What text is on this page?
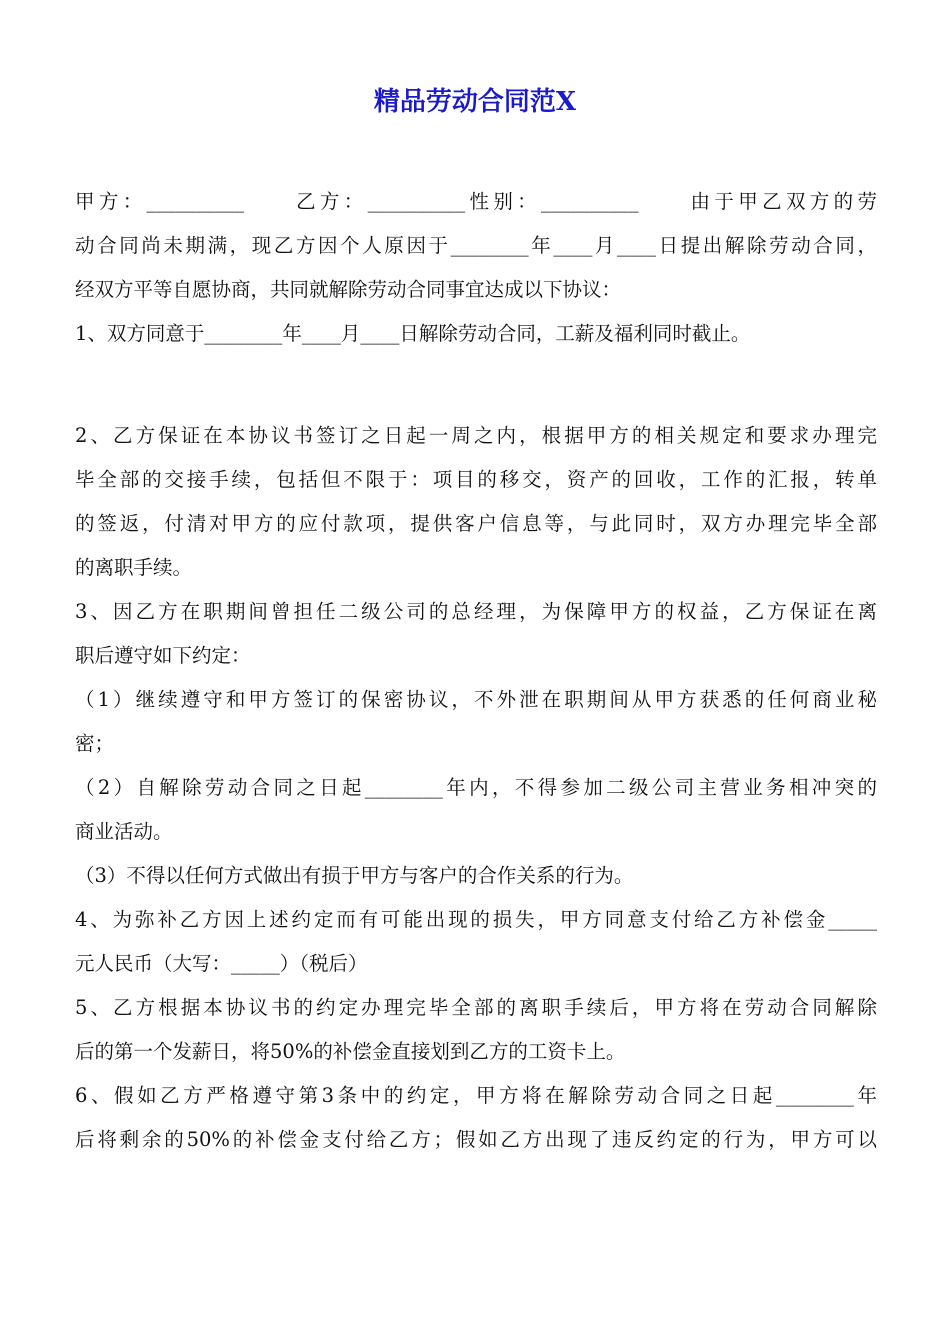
精品劳动合同范X
甲方：__________　　乙方：__________性别：__________　　由于甲乙双方的劳
动合同尚未期满，现乙方因个人原因于________年____月____日提出解除劳动合同，
经双方平等自愿协商，共同就解除劳动合同事宜达成以下协议：
1、双方同意于________年____月____日解除劳动合同，工薪及福利同时截止。
2、乙方保证在本协议书签订之日起一周之内，根据甲方的相关规定和要求办理完
毕全部的交接手续，包括但不限于：项目的移交，资产的回收，工作的汇报，转单
的签返，付清对甲方的应付款项，提供客户信息等，与此同时，双方办理完毕全部
的离职手续。
3、因乙方在职期间曾担任二级公司的总经理，为保障甲方的权益，乙方保证在离
职后遵守如下约定：
（1）继续遵守和甲方签订的保密协议，不外泄在职期间从甲方获悉的任何商业秘
密；
（2）自解除劳动合同之日起________年内，不得参加二级公司主营业务相冲突的
商业活动。
（3）不得以任何方式做出有损于甲方与客户的合作关系的行为。
4、为弥补乙方因上述约定而有可能出现的损失，甲方同意支付给乙方补偿金_____
元人民币（大写：_____）（税后）
5、乙方根据本协议书的约定办理完毕全部的离职手续后，甲方将在劳动合同解除
后的第一个发薪日，将50%的补偿金直接划到乙方的工资卡上。
6、假如乙方严格遵守第3条中的约定，甲方将在解除劳动合同之日起________年
后将剩余的50%的补偿金支付给乙方；假如乙方出现了违反约定的行为，甲方可以
